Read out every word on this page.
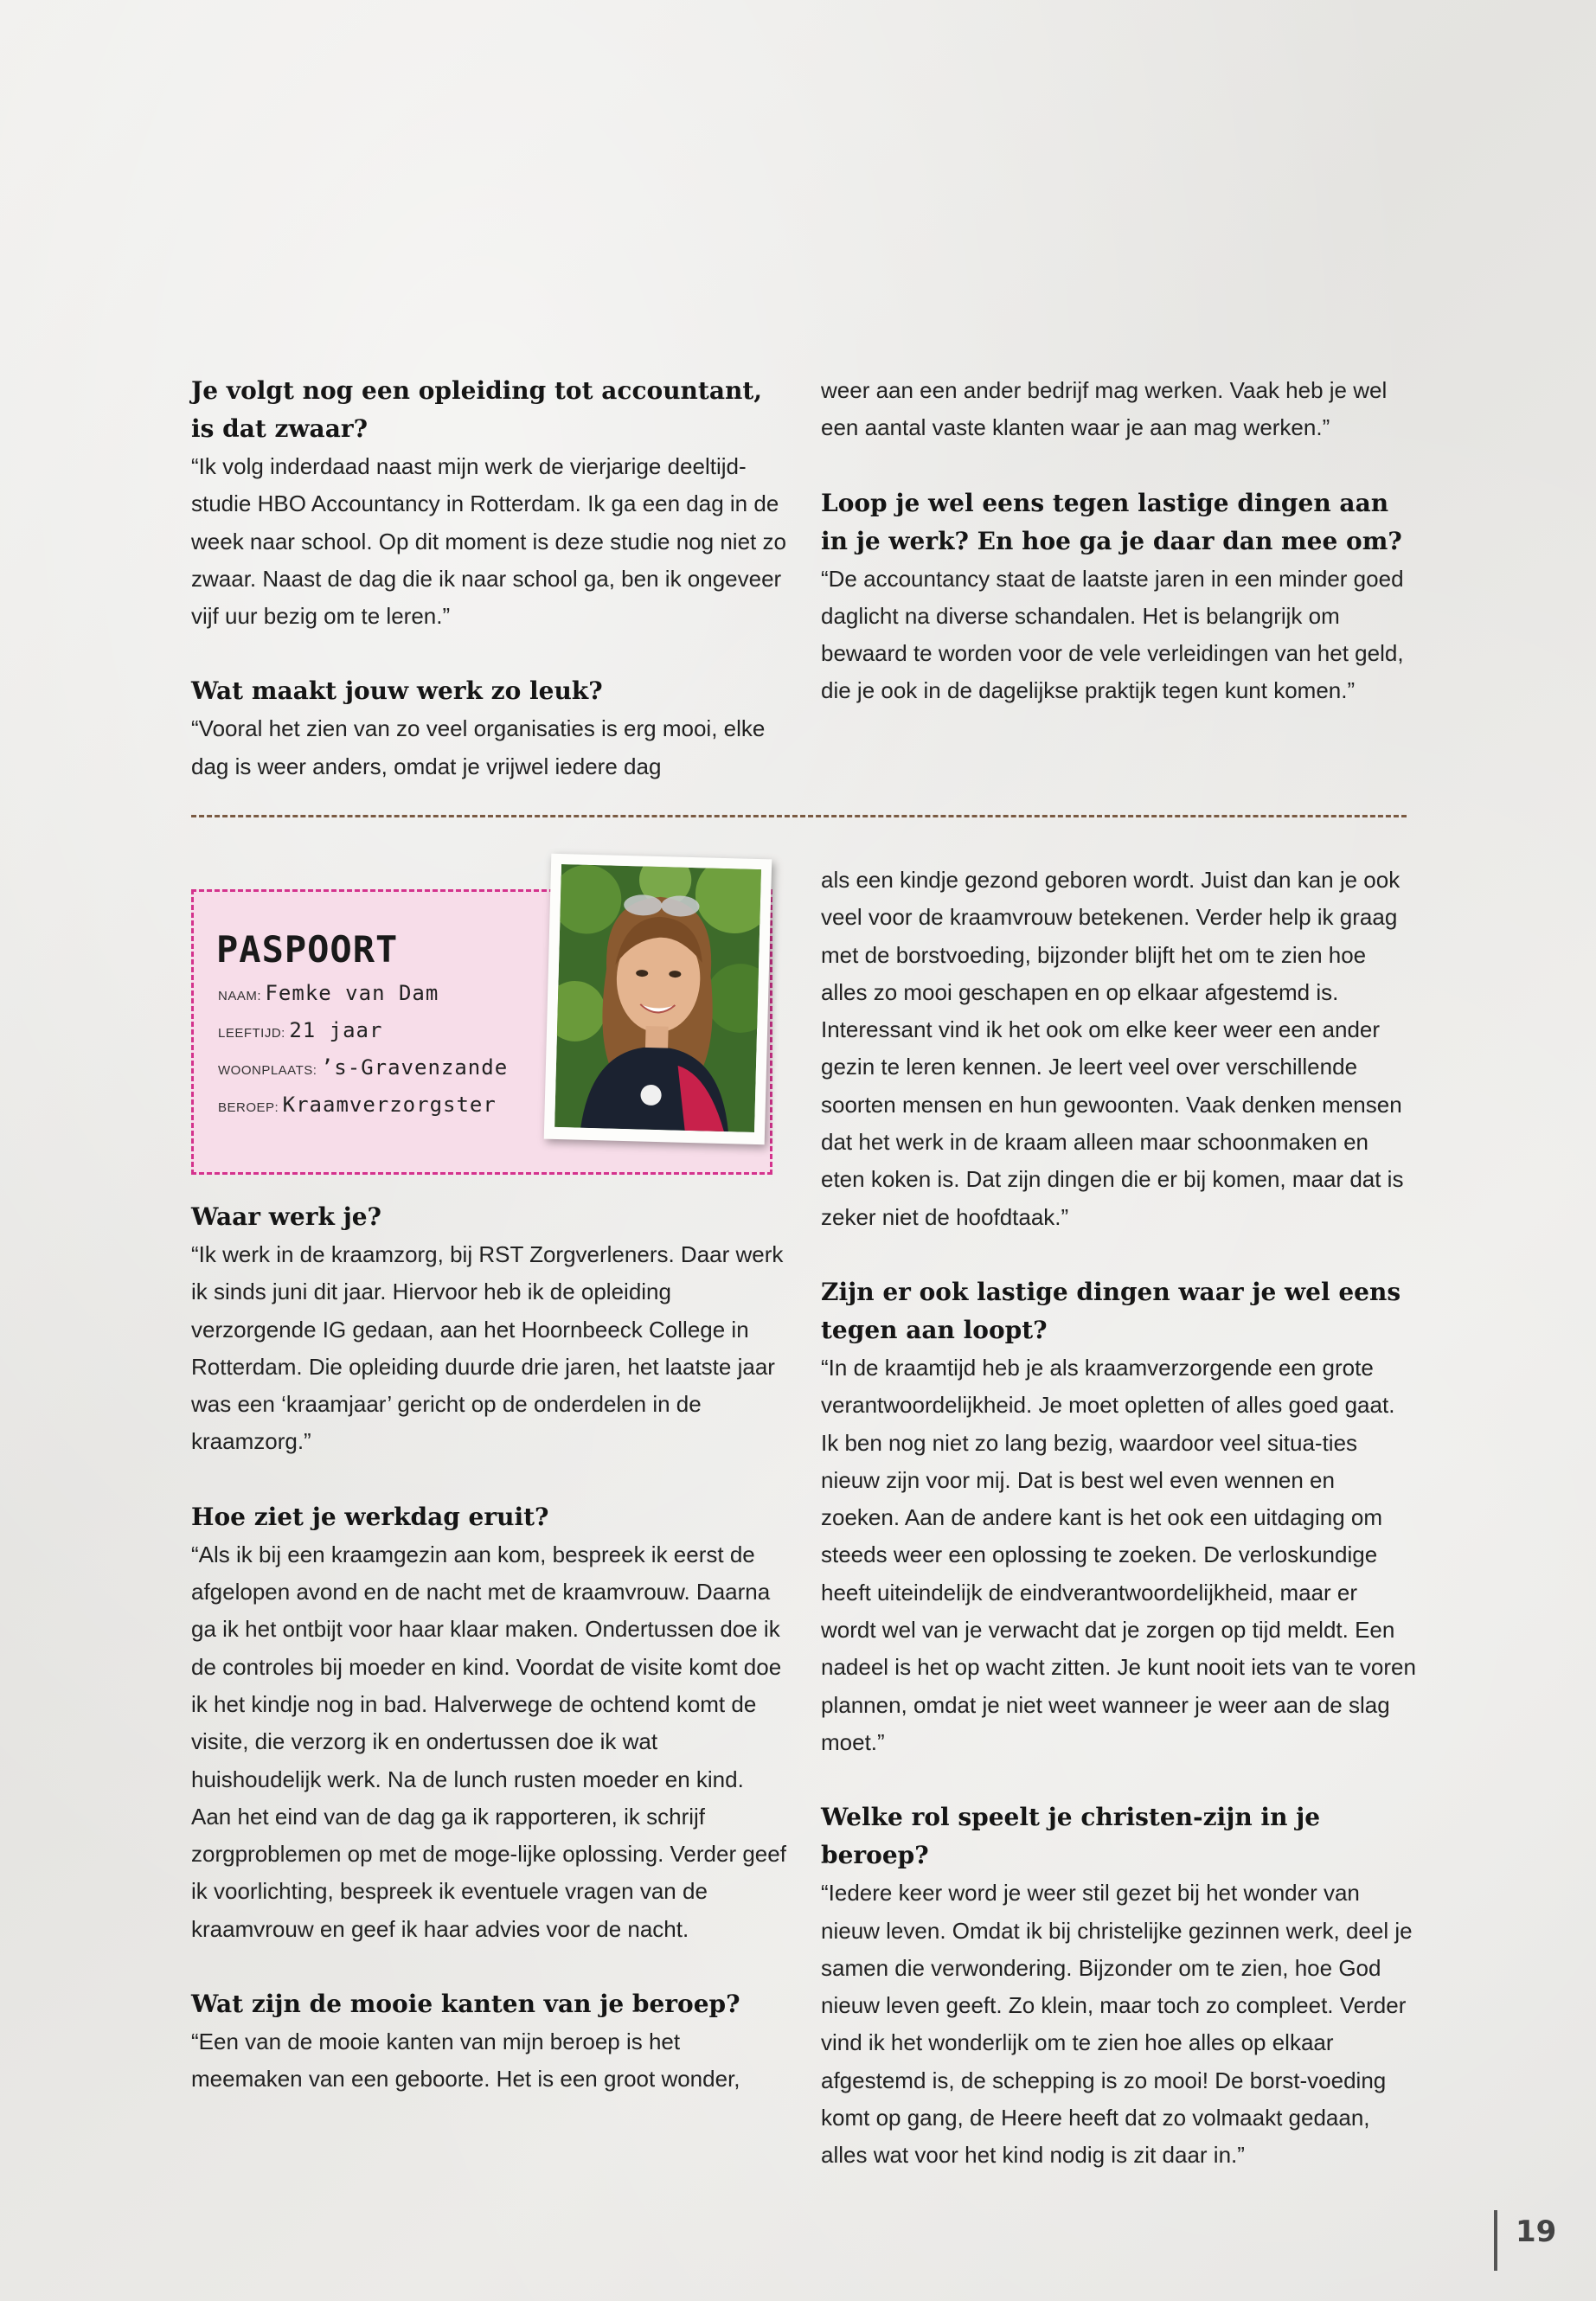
Je volgt nog een opleiding tot accountant, is dat zwaar?

“Ik volg inderdaad naast mijn werk de vierjarige deeltijd-studie HBO Accountancy in Rotterdam. Ik ga een dag in de week naar school. Op dit moment is deze studie nog niet zo zwaar. Naast de dag die ik naar school ga, ben ik ongeveer vijf uur bezig om te leren.”

Wat maakt jouw werk zo leuk?

“Vooral het zien van zo veel organisaties is erg mooi, elke dag is weer anders, omdat je vrijwel iedere dag

weer aan een ander bedrijf mag werken. Vaak heb je wel een aantal vaste klanten waar je aan mag werken.”

Loop je wel eens tegen lastige dingen aan in je werk? En hoe ga je daar dan mee om?

“De accountancy staat de laatste jaren in een minder goed daglicht na diverse schandalen. Het is belangrijk om bewaard te worden voor de vele verleidingen van het geld, die je ook in de dagelijkse praktijk tegen kunt komen.”

PASPOORT
NAAM: Femke van Dam
LEEFTIJD: 21 jaar
WOONPLAATS: ’s-Gravenzande
BEROEP: Kraamverzorgster

Waar werk je?

“Ik werk in de kraamzorg, bij RST Zorgverleners. Daar werk ik sinds juni dit jaar. Hiervoor heb ik de opleiding verzorgende IG gedaan, aan het Hoornbeeck College in Rotterdam. Die opleiding duurde drie jaren, het laatste jaar was een ‘kraamjaar’ gericht op de onderdelen in de kraamzorg.”

Hoe ziet je werkdag eruit?

“Als ik bij een kraamgezin aan kom, bespreek ik eerst de afgelopen avond en de nacht met de kraamvrouw. Daarna ga ik het ontbijt voor haar klaar maken. Ondertussen doe ik de controles bij moeder en kind. Voordat de visite komt doe ik het kindje nog in bad. Halverwege de ochtend komt de visite, die verzorg ik en ondertussen doe ik wat huishoudelijk werk. Na de lunch rusten moeder en kind. Aan het eind van de dag ga ik rapporteren, ik schrijf zorgproblemen op met de moge-lijke oplossing. Verder geef ik voorlichting, bespreek ik eventuele vragen van de kraamvrouw en geef ik haar advies voor de nacht.

Wat zijn de mooie kanten van je beroep?

“Een van de mooie kanten van mijn beroep is het meemaken van een geboorte. Het is een groot wonder,

als een kindje gezond geboren wordt. Juist dan kan je ook veel voor de kraamvrouw betekenen. Verder help ik graag met de borstvoeding, bijzonder blijft het om te zien hoe alles zo mooi geschapen en op elkaar afgestemd is. Interessant vind ik het ook om elke keer weer een ander gezin te leren kennen. Je leert veel over verschillende soorten mensen en hun gewoonten. Vaak denken mensen dat het werk in de kraam alleen maar schoonmaken en eten koken is. Dat zijn dingen die er bij komen, maar dat is zeker niet de hoofdtaak.”

Zijn er ook lastige dingen waar je wel eens tegen aan loopt?

“In de kraamtijd heb je als kraamverzorgende een grote verantwoordelijkheid. Je moet opletten of alles goed gaat. Ik ben nog niet zo lang bezig, waardoor veel situa-ties nieuw zijn voor mij. Dat is best wel even wennen en zoeken. Aan de andere kant is het ook een uitdaging om steeds weer een oplossing te zoeken. De verloskundige heeft uiteindelijk de eindverantwoordelijkheid, maar er wordt wel van je verwacht dat je zorgen op tijd meldt. Een nadeel is het op wacht zitten. Je kunt nooit iets van te voren plannen, omdat je niet weet wanneer je weer aan de slag moet.”

Welke rol speelt je christen-zijn in je beroep?

“Iedere keer word je weer stil gezet bij het wonder van nieuw leven. Omdat ik bij christelijke gezinnen werk, deel je samen die verwondering. Bijzonder om te zien, hoe God nieuw leven geeft. Zo klein, maar toch zo compleet. Verder vind ik het wonderlijk om te zien hoe alles op elkaar afgestemd is, de schepping is zo mooi! De borst-voeding komt op gang, de Heere heeft dat zo volmaakt gedaan, alles wat voor het kind nodig is zit daar in.”

19
